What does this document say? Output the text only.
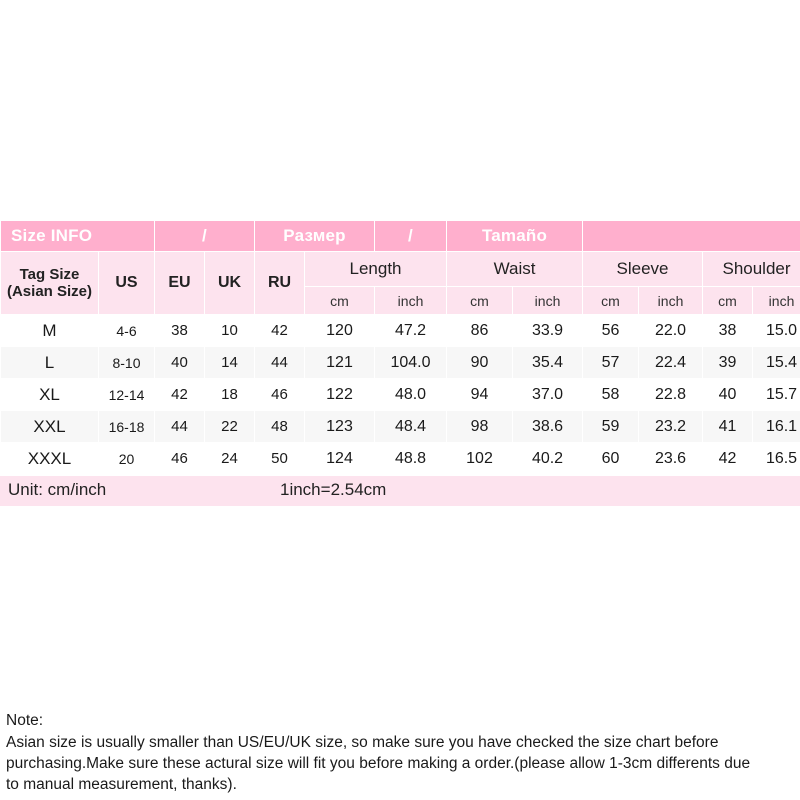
Size INFO		/		Размер		/	Tamaño					

Tag Size
(Asian Size)	US	EU	UK	RU	Length		Waist		Sleeve		Shoulder	
					cm	inch	cm	inch	cm	inch	cm	inch
M	4-6	38	10	42	120	47.2	86	33.9	56	22.0	38	15.0
L	8-10	40	14	44	121	104.0	90	35.4	57	22.4	39	15.4
XL	12-14	42	18	46	122	48.0	94	37.0	58	22.8	40	15.7
XXL	16-18	44	22	48	123	48.4	98	38.6	59	23.2	41	16.1
XXXL	20	46	24	50	124	48.8	102	40.2	60	23.6	42	16.5
Unit: cm/inch	1inch=2.54cm
Note:
Asian size is usually smaller than US/EU/UK size, so make sure you have checked the size chart before purchasing.Make sure these actural size will fit you before making a order.(please allow 1-3cm differents due to manual measurement, thanks).
